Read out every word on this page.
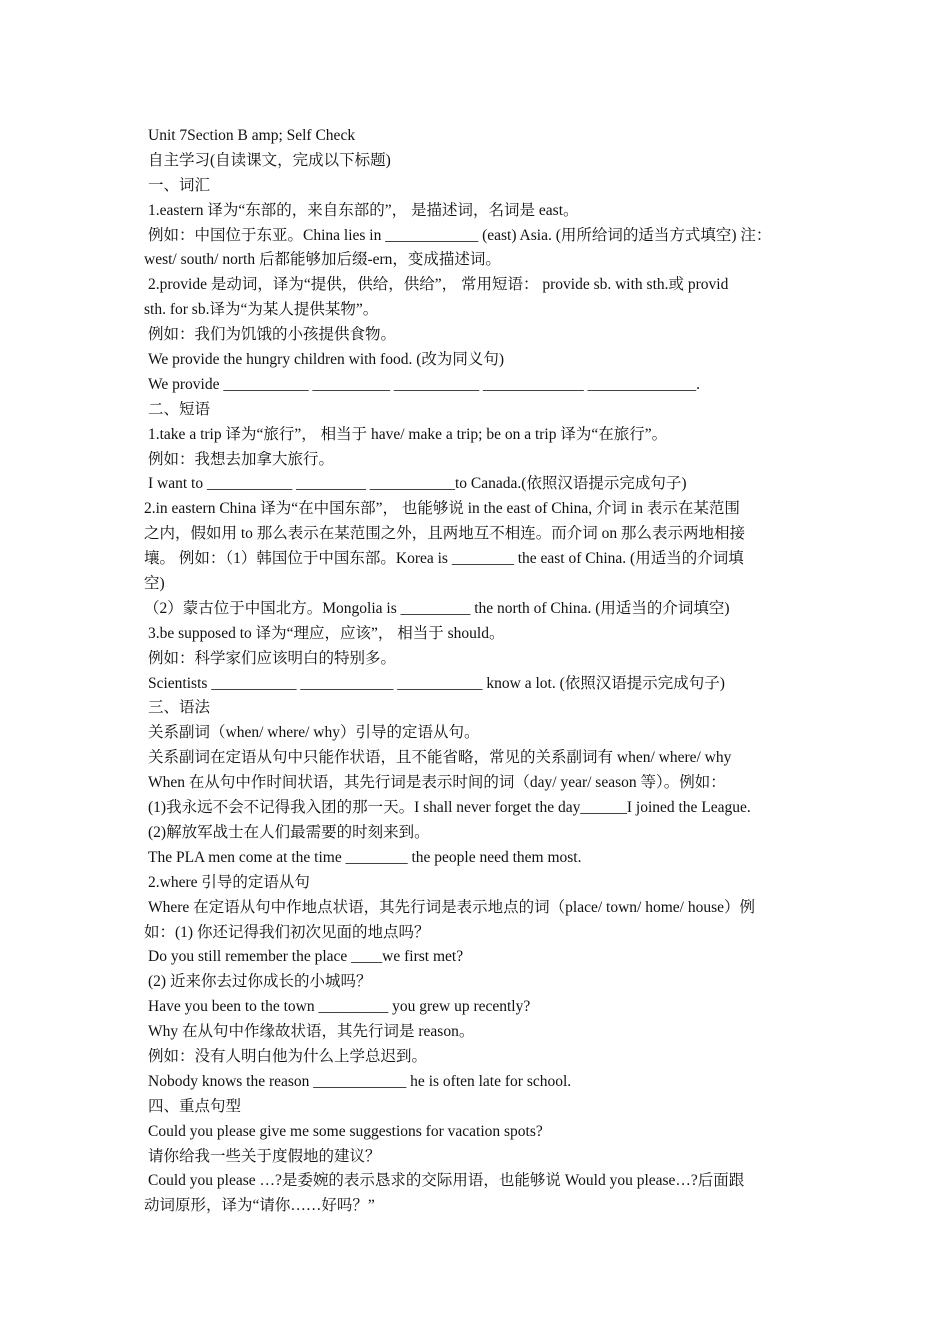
Unit 7Section B amp; Self Check
自主学习(自读课文，完成以下标题)
一、词汇
1.eastern 译为“东部的，来自东部的”， 是描述词，名词是 east。
例如：中国位于东亚。China lies in ____________ (east) Asia. (用所给词的适当方式填空) 注：
west/ south/ north 后都能够加后缀-ern，变成描述词。
2.provide 是动词，译为“提供，供给，供给”， 常用短语： provide sb. with sth.或 provid
sth. for sb.译为“为某人提供某物”。
例如：我们为饥饿的小孩提供食物。
We provide the hungry children with food. (改为同义句)
We provide ___________ __________ ___________ _____________ ______________.
二、短语
1.take a trip 译为“旅行”， 相当于 have/ make a trip; be on a trip 译为“在旅行”。
例如：我想去加拿大旅行。
I want to ___________ _________ ___________to Canada.(依照汉语提示完成句子)
2.in eastern China 译为“在中国东部”， 也能够说 in the east of China, 介词 in 表示在某范围
之内，假如用 to 那么表示在某范围之外，且两地互不相连。而介词 on 那么表示两地相接
壤。 例如：（1）韩国位于中国东部。Korea is ________ the east of China. (用适当的介词填
空)
（2）蒙古位于中国北方。Mongolia is _________ the north of China. (用适当的介词填空)
3.be supposed to 译为“理应，应该”， 相当于 should。
例如：科学家们应该明白的特别多。
Scientists ___________ ____________ ___________ know a lot. (依照汉语提示完成句子)
三、语法
关系副词（when/ where/ why）引导的定语从句。
关系副词在定语从句中只能作状语，且不能省略，常见的关系副词有 when/ where/ why
When 在从句中作时间状语，其先行词是表示时间的词（day/ year/ season 等）。例如：
(1)我永远不会不记得我入团的那一天。I shall never forget the day______I joined the League.
(2)解放军战士在人们最需要的时刻来到。
The PLA men come at the time ________ the people need them most.
2.where 引导的定语从句
Where 在定语从句中作地点状语，其先行词是表示地点的词（place/ town/ home/ house）例
如：(1) 你还记得我们初次见面的地点吗？
Do you still remember the place ____we first met?
(2) 近来你去过你成长的小城吗？
Have you been to the town _________ you grew up recently?
Why 在从句中作缘故状语，其先行词是 reason。
例如：没有人明白他为什么上学总迟到。
Nobody knows the reason ____________ he is often late for school.
四、重点句型
Could you please give me some suggestions for vacation spots?
请你给我一些关于度假地的建议？
Could you please …?是委婉的表示恳求的交际用语，也能够说 Would you please…?后面跟
动词原形，译为“请你……好吗？”
